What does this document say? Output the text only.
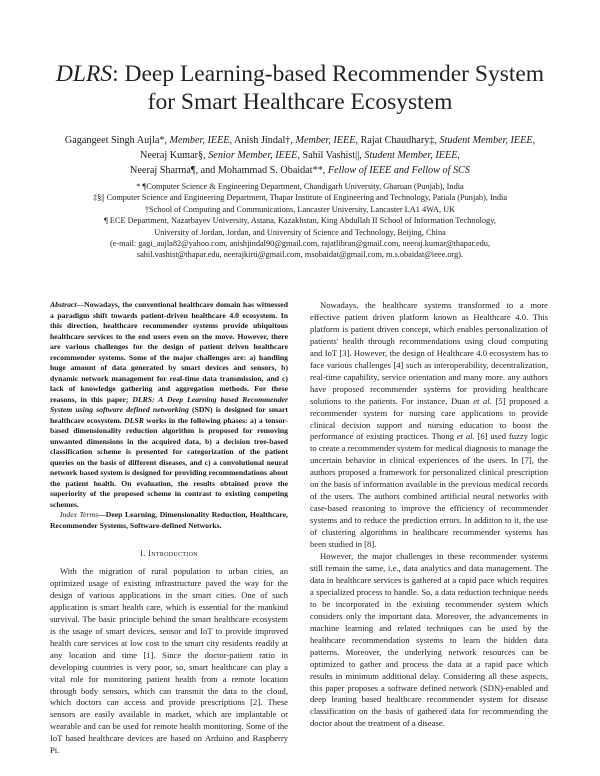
DLRS: Deep Learning-based Recommender System
for Smart Healthcare Ecosystem
Gagangeet Singh Aujla*, Member, IEEE, Anish Jindal†, Member, IEEE, Rajat Chaudhary‡, Student Member, IEEE,
Neeraj Kumar§, Senior Member, IEEE, Sahil Vashist||, Student Member, IEEE,
Neeraj Sharma¶, and Mohammad S. Obaidat**, Fellow of IEEE and Fellow of SCS
* ¶Computer Science & Engineering Department, Chandigarh University, Gharuan (Punjab), India
‡§|| Computer Science and Engineering Department, Thapar Institute of Engineering and Technology, Patiala (Punjab), India
†School of Computing and Communications, Lancaster University, Lancaster LA1 4WA, UK
¶ ECE Department, Nazarbayev University, Astana, Kazakhstan, King Abdullah II School of Information Technology,
University of Jordan, Jordan, and University of Science and Technology, Beijing, China
(e-mail: gagi_aujla82@yahoo.com, anishjindal90@gmail.com, rajatlibran@gmail.com, neeraj.kumar@thapar.edu,
sahil.vashist@thapar.edu, neerajkirti@gmail.com, msobaidat@gmail.com, m.s.obaidat@ieee.org).

Abstract—Nowadays, the conventional healthcare domain has witnessed a paradigm shift towards patient-driven healthcare 4.0 ecosystem. In this direction, healthcare recommender systems provide ubiquitous healthcare services to the end users even on the move. However, there are various challenges for the design of patient driven healthcare recommender systems. Some of the major challenges are: a) handling huge amount of data generated by smart devices and sensors, b) dynamic network management for real-time data transmission, and c) lack of knowledge gathering and aggregation methods. For these reasons, in this paper; DLRS: A Deep Learning based Recommender System using software defined networking (SDN) is designed for smart healthcare ecosystem. DLSR works in the following phases: a) a tensor-based dimensionality reduction algorithm is proposed for removing unwanted dimensions in the acquired data, b) a decision tree-based classification scheme is presented for categorization of the patient queries on the basis of different diseases, and c) a convolutional neural network based system is designed for providing recommendations about the patient health. On evaluation, the results obtained prove the superiority of the proposed scheme in contrast to existing competing schemes.

Index Terms—Deep Learning, Dimensionality Reduction, Healthcare, Recommender Systems, Software-defined Networks.

I. Introduction

With the migration of rural population to urban cities, an optimized usage of existing infrastructure paved the way for the design of various applications in the smart cities. One of such application is smart health care, which is essential for the mankind survival. The basic principle behind the smart healthcare ecosystem is the usage of smart devices, sensor and IoT to provide improved health care services at low cost to the smart city residents readily at any location and time [1]. Since the doctor-patient ratio in developing countries is very poor, so, smart healthcare can play a vital role for monitoring patient health from a remote location through body sensors, which can transmit the data to the cloud, which doctors can access and provide prescriptions [2]. These sensors are easily available in market, which are implantable or wearable and can be used for remote health monitoring. Some of the IoT based healthcare devices are based on Arduino and Raspberry Pi.

Nowadays, the healthcare systems transformed to a more effective patient driven platform known as Healthcare 4.0. This platform is patient driven concept, which enables personalization of patients' health through recommendations using cloud computing and IoT [3]. However, the design of Healthcare 4.0 ecosystem has to face various challenges [4] such as interoperability, decentralization, real-time capability, service orientation and many more. any authors have proposed recommender systems for providing healthcare solutions to the patients. For instance, Duan et al. [5] proposed a recommender system for nursing care applications to provide clinical decision support and nursing education to boost the performance of existing practices. Thong et al. [6] used fuzzy logic to create a recommender system for medical diagnosis to manage the uncertain behavior in clinical experiences of the users. In [7], the authors proposed a framework for personalized clinical prescription on the basis of information available in the previous medical records of the users. The authors combined artificial neural networks with case-based reasoning to improve the efficiency of recommender systems and to reduce the prediction errors. In addition to it, the use of clustering algorithms in healthcare recommender systems has been studied in [8].

However, the major challenges in these recommender systems still remain the same, i.e., data analytics and data management. The data in healthcare services is gathered at a rapid pace which requires a specialized process to handle. So, a data reduction technique needs to be incorporated in the existing recommender system which considers only the important data. Moreover, the advancements in machine learning and related techniques can be used by the healthcare recommendation systems to learn the hidden data patterns. Moreover, the underlying network resources can be optimized to gather and process the data at a rapid pace which results in minimum additional delay. Considering all these aspects, this paper proposes a software defined network (SDN)-enabled and deep leaning based healthcare recommender system for disease classification on the basis of gathered data for recommending the doctor about the treatment of a disease.
